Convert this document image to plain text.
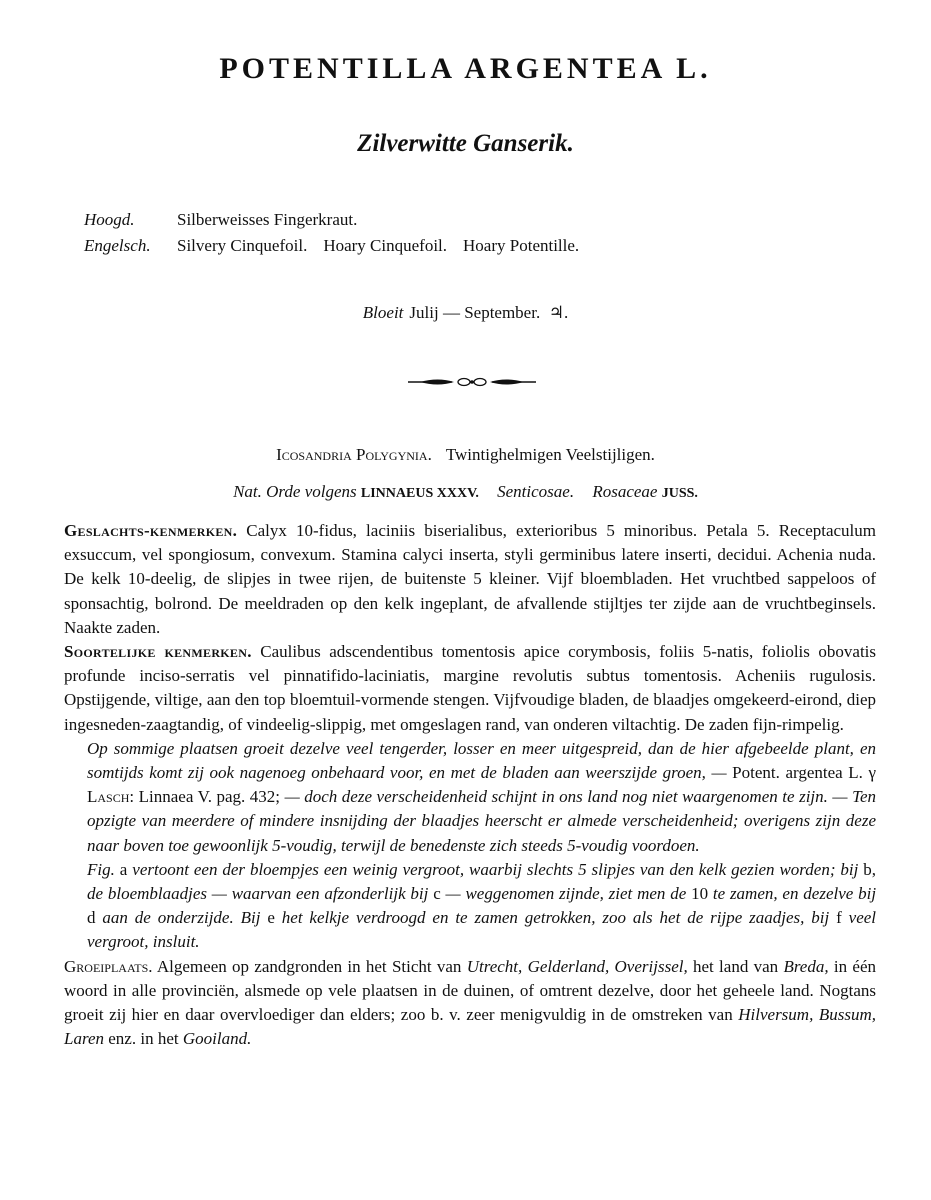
POTENTILLA ARGENTEA L.
Zilverwitte Ganserik.
Hoogd.	Silberweisses Fingerkraut.
Engelsch.	Silvery Cinquefoil. Hoary Cinquefoil. Hoary Potentille.
Bloeit Julij — September. ♃.
Icosandria Polygynia. Twintighelmigen Veelstijligen.
Nat. Orde volgens LINNAEUS XXXV. Senticosae. Rosaceae JUSS.

Geslachts-kenmerken. Calyx 10-fidus, laciniis biserialibus, exterioribus 5 minoribus. Petala 5. Receptaculum exsuccum, vel spongiosum, convexum. Stamina calyci inserta, styli germinibus latere inserti, decidui. Achenia nuda. De kelk 10-deelig, de slipjes in twee rijen, de buitenste 5 kleiner. Vijf bloembladen. Het vruchtbed sappeloos of sponsachtig, bolrond. De meeldraden op den kelk ingeplant, de afvallende stijltjes ter zijde aan de vruchtbeginsels. Naakte zaden.

Soortelijke kenmerken. Caulibus adscendentibus tomentosis apice corymbosis, foliis 5-natis, foliolis obovatis profunde inciso-serratis vel pinnatifido-laciniatis, margine revolutis subtus tomentosis. Acheniis rugulosis. Opstijgende, viltige, aan den top bloemtuil-vormende stengen. Vijfvoudige bladen, de blaadjes omgekeerd-eirond, diep ingesneden-zaagtandig, of vindeelig-slippig, met omgeslagen rand, van onderen viltachtig. De zaden fijn-rimpelig.

Op sommige plaatsen groeit dezelve veel tengerder, losser en meer uitgespreid, dan de hier afgebeelde plant, en somtijds komt zij ook nagenoeg onbehaard voor, en met de bladen aan weerszijde groen, — Potent. argentea L. γ Lasch: Linnaea V. pag. 432; — doch deze verscheidenheid schijnt in ons land nog niet waargenomen te zijn. — Ten opzigte van meerdere of mindere insnijding der blaadjes heerscht er almede verscheidenheid; overigens zijn deze naar boven toe gewoonlijk 5-voudig, terwijl de benedenste zich steeds 5-voudig voordoen.

Fig. a vertoont een der bloempjes een weinig vergroot, waarbij slechts 5 slipjes van den kelk gezien worden; bij b, de bloemblaadjes — waarvan een afzonderlijk bij c — weggenomen zijnde, ziet men de 10 te zamen, en dezelve bij d aan de onderzijde. Bij e het kelkje verdroogd en te zamen getrokken, zoo als het de rijpe zaadjes, bij f veel vergroot, insluit.

Groeiplaats. Algemeen op zandgronden in het Sticht van Utrecht, Gelderland, Overijssel, het land van Breda, in één woord in alle provinciën, alsmede op vele plaatsen in de duinen, of omtrent dezelve, door het geheele land. Nogtans groeit zij hier en daar overvloediger dan elders; zoo b. v. zeer menigvuldig in de omstreken van Hilversum, Bussum, Laren enz. in het Gooiland.
